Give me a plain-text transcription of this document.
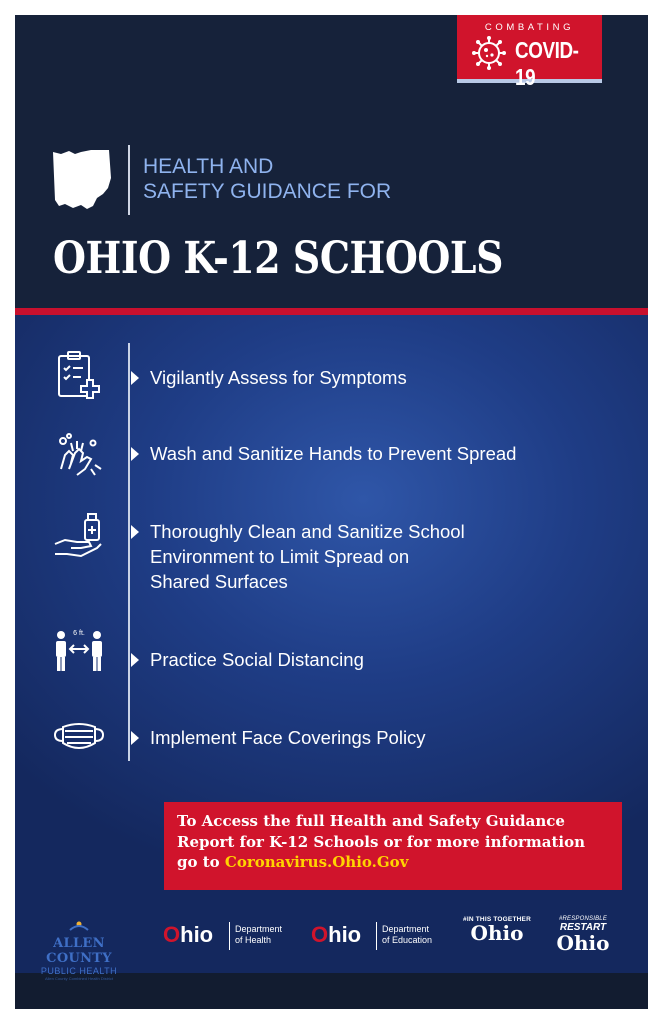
COMBATING
COVID-19
HEALTH AND
SAFETY GUIDANCE FOR
OHIO K-12 SCHOOLS
Vigilantly Assess for Symptoms
Wash and Sanitize Hands to Prevent Spread
Thoroughly Clean and Sanitize School
Environment to Limit Spread on
Shared Surfaces
6 ft.
Practice Social Distancing
Implement Face Coverings Policy
To Access the full Health and Safety Guidance
Report for K-12 Schools or for more information
go to Coronavirus.Ohio.Gov
ALLEN COUNTY
PUBLIC HEALTH
Allen County Combined Health District
Ohio Department
of Health	Ohio Department
of Education
#IN THIS TOGETHER
Ohio
#RESPONSIBLE
RESTART
Ohio
